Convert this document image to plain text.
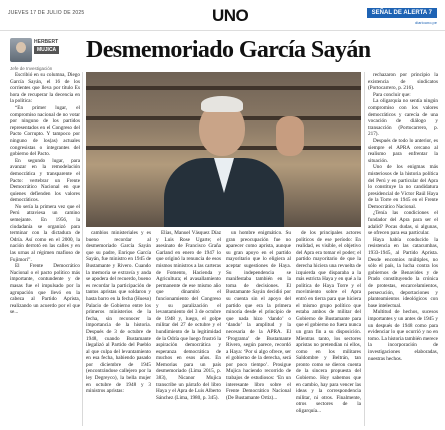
JUEVES 17 DE JULIO DE 2025	UNO	SEÑAL DE ALERTA 7
diariouno.pe
HERBERT
MUJICA
Jefe de Investigación
Desmemoriado García Sayán

Escribió en su columna, Diego García Sayán, el 16 de los corrientes que lleva por título Es hora de recuperar la decencia en la política:

“En primer lugar, el compromiso nacional de no votar por ninguno de los partidos representados en el Congreso del Pacto Corrupto. Y tampoco por ninguno de los(as) actuales congresistas o integrantes del gobierno del Pacto.

En segundo lugar, para avanzar en la remodelación democrática y transparente el Pacto: vertebrar un Frente Democrático Nacional en que quienes defienden los valores democráticos.

No sería la primera vez que el Perú atraviesa un camino semejante. En 1956, la ciudadanía se organizó para terminar con la dictadura de Odría. Así como en el 2000, la nación derrotó en las calles y en las urnas al régimen mafioso de Fujimori”.

El Frente Democrático Nacional o el pacto político más importante, contundente y de masas fue el impulsado por la agrupación que llevó en la cabeza al Partido Aprista, realizando un acuerdo por el que se...

cambios ministeriales y es bueno recordar al desmemoriado García Sayán que su padre, Enrique García Sayán, fue ministro en 1945 de Bustamante y Rivero. Cuando la memoria se extravía y anda se apodera del recuerdo, bueno es recordar la participación de tantos apristas que soldaron y hasta barro en la fecha (Hueso) Palacio de Gobierno entre los primeros ministerios de la fecha, sin reconocer la importancia de la historia. Después de 3 de octubre de 1948, cuando Bustamante ilegalizó al Partido del Pueblo al que culpa del levantamiento en esa fecha, habiendo pasado por diciembre de 1945 (encontrándose callejero por la ley Degreyco), la bella mujer en octubre de 1948 y 3 ministros apristas:

Elías, Manuel Vásquez Díaz y Luis Rose Ugarte; el asesinato de Francisco Graña Garland en enero de 1947 lo que originó la renuncia de esos mismos ministros a las carteras de Fomento, Hacienda y Agricultura; el avasallamiento permanente de ese mismo año que dinamitó el funcionamiento del Congreso y su paralización el levantamiento del 3 de octubre de 1948 y, luego, el golpe militar del 27 de octubre y el hundimiento de la legitimidad de la Odría que luego frustró la aspiración democrática y esperanza democrática de muchos en esos años. En Memorias para un país desmemoriado (Lima 2015, p. 383), Nicanor Mujica transcribe un párrafo del libro Haya y el Apra de Luis Alberto Sánchez (Lima, 1980, p. 345).

un hombre enigmático. Su gran preocupación fue no aparecer como aprista, aunque su gran apoyo en el partido mayoritario que lo eligiera al aceptar sugestiones de Haya. Su independencia se manifestaba también en la toma de decisiones. El Bustamante Sayán decidió por su cuenta sin el apoyo del partido que era la primera minoría desde el principio de que nada hizo ‘dando’ o ‘dando’ la amplitud y la necesaria de la APRA. El ‘Programa’ de Bustamante Rivero, según parece, recordó a Haya: ‘Por si algo ofrece, ser el gobierno de la derecha, será por poco tiempo’. Prosigue Mujica haciendo recorrido de trabajos de estudiosos: ‘En un interesante libro sobre el Frente Democrático Nacional (De Bustamante Ortiz)...

de los principales actores políticos de ese período: En realidad, es visible, el objetivo del Apra era tomar el poder; el partido mayoritario de que la derecha hiciera una revuelta de izquierda que disparaba a la más estricta Haya y en qué a la política de Haya Torre y el movimiento sobre el Apra entró en tierra para que hiciera el mismo grupo político que estaba ambos de militar del Gobierno de Bustamante para que el gobierno no fuera nunca un gran fin a su disposición. Mientras tanto, los sectores apristas no pretendían ni ellos, como en los militares Saldombre y Beltrán, tan pronto como se dieron cuenta de la sincera propuesta del Gobierno. Hoy sabemos que en cambio, hay para vencer las ideas y la correspondencia militar, ni otros. Finalmente, otros sectores de la oligarquía...

rechazaron por principio la existencia de sindicatos (Portocarrero, p. 216).

Para concluir que:

La oligarquía no sentía ningún compromiso con los valores democráticos y carecía de una vocación de diálogo y transacción (Portocarrero, p. 217).

Después de todo lo anterior, es siempre el APRA cercano al realismo para enfrentar la situación.

Uno de los enigmas más misteriosos de la historia política del Perú y en particular del Apra lo constituye la no candidatura presidencial de Víctor Raúl Haya de la Torre en 1945 en el Frente Democrático Nacional.

¿Tenía las condiciones el fundador del Apra para ser el adalid? Pocas dudas, si algunas, se ofrecen para esa particular.

Haya había conducido la resistencia en las catacumbas, 1933-1945, al Partido Aprista. Desde encomios múltiples, no sólo el país, la lucha contra los gobiernos de Benavides y de Prado constituyendo la crónica de protestas, encarcelamientos, persecución, deportaciones y planteamientos ideológicos con base intelectual.

Multitud de hechos, sucesos importantes y un antes de 1945 y un después de 1948 como para evidenciar lo que ocurrió y no en tomo. La historia también merece la incorporación de investigaciones elaboradas, nuestras hechos.
